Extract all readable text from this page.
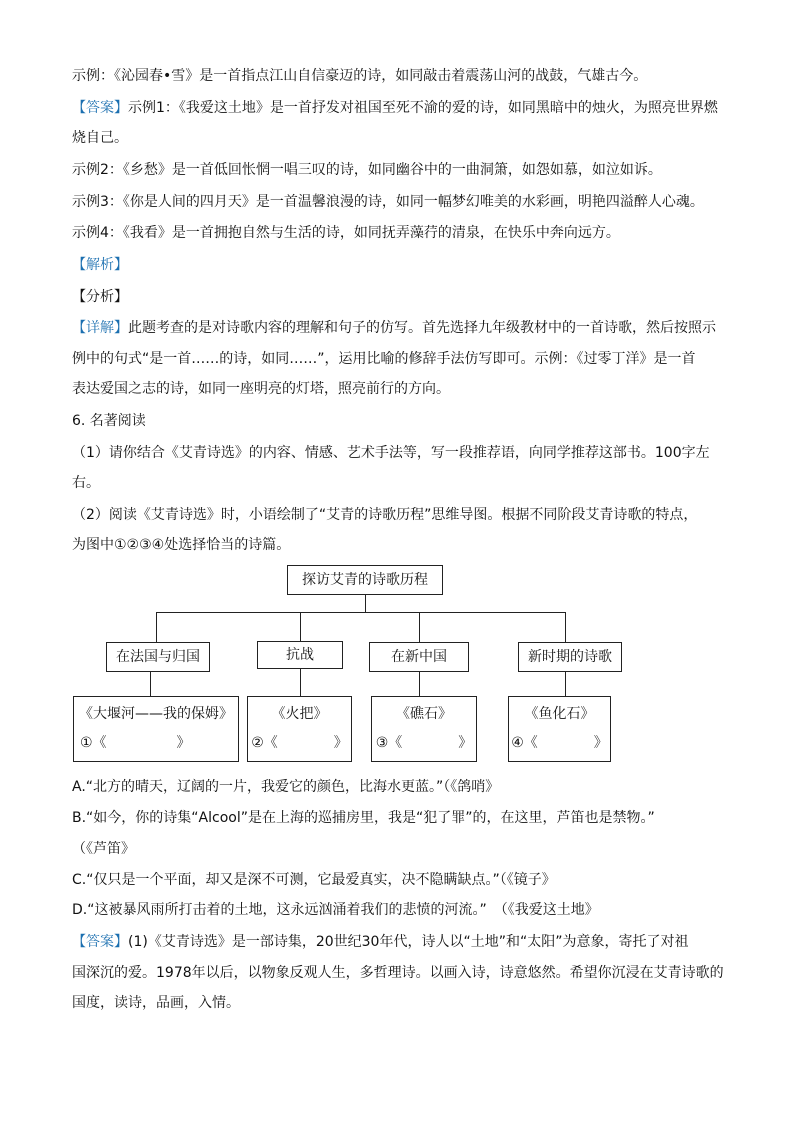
示例：《沁园春•雪》是一首指点江山自信豪迈的诗，如同敲击着震荡山河的战鼓，气雄古今。
【答案】示例1：《我爱这土地》是一首抒发对祖国至死不渝的爱的诗，如同黑暗中的烛火，为照亮世界燃
烧自己。
示例2：《乡愁》是一首低回怅惘一唱三叹的诗，如同幽谷中的一曲洞箫，如怨如慕，如泣如诉。
示例3：《你是人间的四月天》是一首温馨浪漫的诗，如同一幅梦幻唯美的水彩画，明艳四溢醉人心魂。
示例4：《我看》是一首拥抱自然与生活的诗，如同抚弄藻荇的清泉，在快乐中奔向远方。
【解析】
【分析】
【详解】此题考查的是对诗歌内容的理解和句子的仿写。首先选择九年级教材中的一首诗歌，然后按照示
例中的句式“是一首……的诗，如同……”，运用比喻的修辞手法仿写即可。示例：《过零丁洋》是一首
表达爱国之志的诗，如同一座明亮的灯塔，照亮前行的方向。
6. 名著阅读
（1）请你结合《艾青诗选》的内容、情感、艺术手法等，写一段推荐语，向同学推荐这部书。100字左
右。
（2）阅读《艾青诗选》时，小语绘制了“艾青的诗歌历程”思维导图。根据不同阶段艾青诗歌的特点，
为图中①②③④处选择恰当的诗篇。
探访艾青的诗歌历程
在法国与归国	抗战	在新中国	新时期的诗歌
《大堰河——我的保姆》
①《　　　　　》
《火把》
②《　　　　》
《礁石》
③《　　　　》
《鱼化石》
④《　　　　》
A.“北方的晴天，辽阔的一片，我爱它的颜色，比海水更蓝。”（《鸽哨》
B.“如今，你的诗集“Alcool”是在上海的巡捕房里，我是“犯了罪”的，在这里，芦笛也是禁物。”
（《芦笛》
C.“仅只是一个平面，却又是深不可测，它最爱真实，决不隐瞒缺点。”（《镜子》
D.“这被暴风雨所打击着的土地，这永远汹涌着我们的悲愤的河流。”　（《我爱这土地》
【答案】(1)《艾青诗选》是一部诗集，20世纪30年代，诗人以“土地”和“太阳”为意象，寄托了对祖
国深沉的爱。1978年以后，以物象反观人生，多哲理诗。以画入诗，诗意悠然。希望你沉浸在艾青诗歌的
国度，读诗，品画，入情。
